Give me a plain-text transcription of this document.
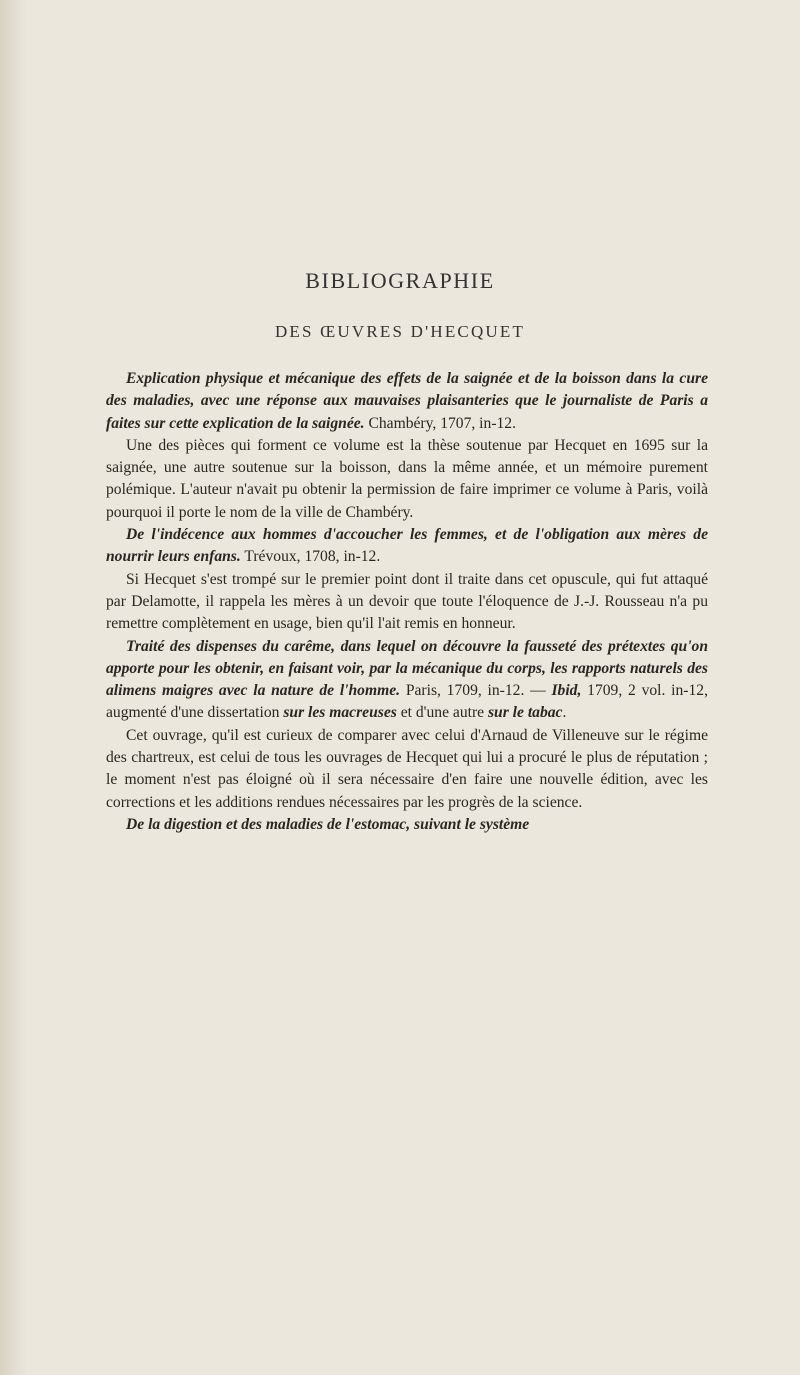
BIBLIOGRAPHIE
DES ŒUVRES D'HECQUET

Explication physique et mécanique des effets de la saignée et de la boisson dans la cure des maladies, avec une réponse aux mauvaises plaisanteries que le journaliste de Paris a faites sur cette explication de la saignée. Chambéry, 1707, in-12.

Une des pièces qui forment ce volume est la thèse soutenue par Hecquet en 1695 sur la saignée, une autre soutenue sur la boisson, dans la même année, et un mémoire purement polémique. L'auteur n'avait pu obtenir la permission de faire imprimer ce volume à Paris, voilà pourquoi il porte le nom de la ville de Chambéry.

De l'indécence aux hommes d'accoucher les femmes, et de l'obligation aux mères de nourrir leurs enfans. Trévoux, 1708, in-12.

Si Hecquet s'est trompé sur le premier point dont il traite dans cet opuscule, qui fut attaqué par Delamotte, il rappela les mères à un devoir que toute l'éloquence de J.-J. Rousseau n'a pu remettre complètement en usage, bien qu'il l'ait remis en honneur.

Traité des dispenses du carême, dans lequel on découvre la fausseté des prétextes qu'on apporte pour les obtenir, en faisant voir, par la mécanique du corps, les rapports naturels des alimens maigres avec la nature de l'homme. Paris, 1709, in-12. — Ibid, 1709, 2 vol. in-12, augmenté d'une dissertation sur les macreuses et d'une autre sur le tabac.

Cet ouvrage, qu'il est curieux de comparer avec celui d'Arnaud de Villeneuve sur le régime des chartreux, est celui de tous les ouvrages de Hecquet qui lui a procuré le plus de réputation ; le moment n'est pas éloigné où il sera nécessaire d'en faire une nouvelle édition, avec les corrections et les additions rendues nécessaires par les progrès de la science.

De la digestion et des maladies de l'estomac, suivant le système
